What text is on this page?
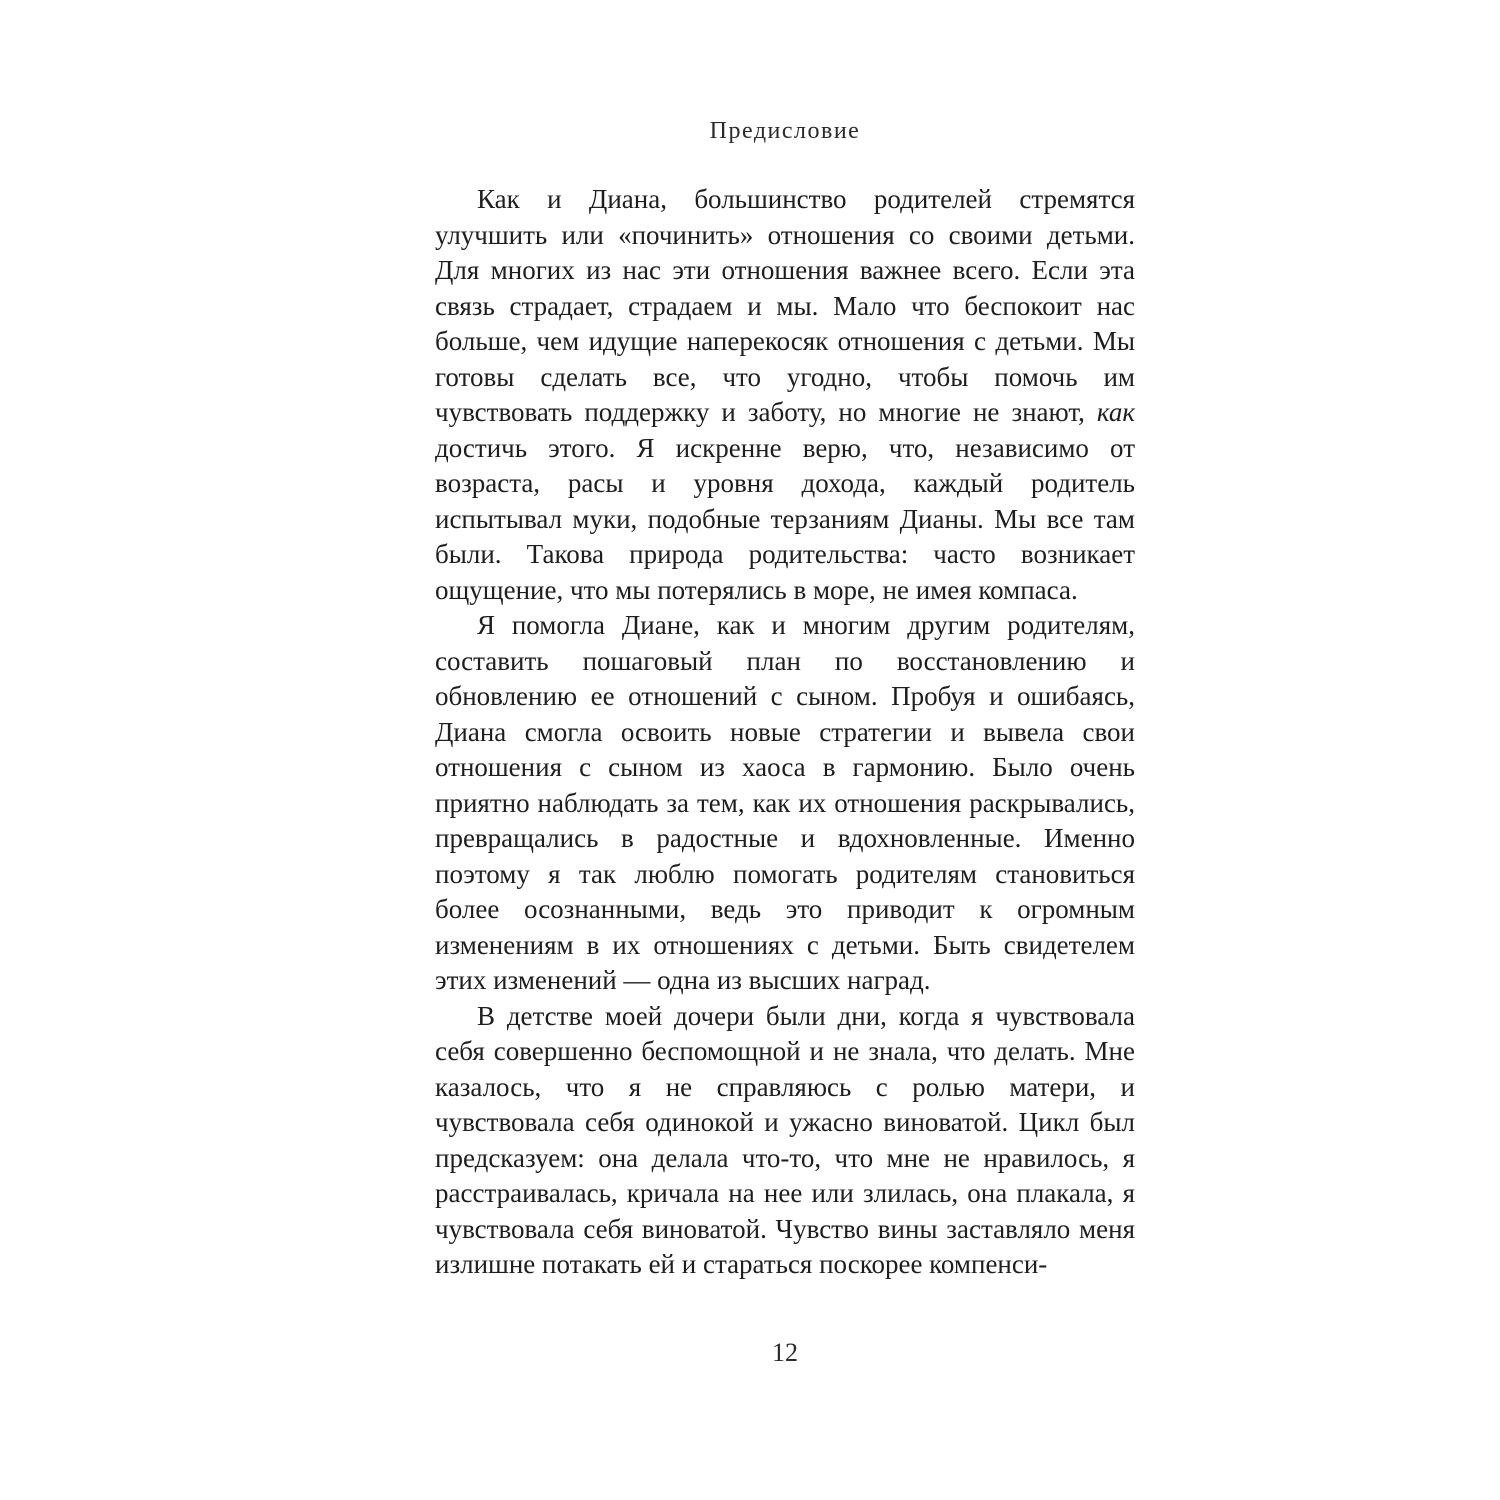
Предисловие

Как и Диана, большинство родителей стремятся улучшить или «починить» отношения со своими детьми. Для многих из нас эти отношения важнее всего. Если эта связь страдает, страдаем и мы. Мало что беспокоит нас больше, чем идущие наперекосяк отношения с детьми. Мы готовы сделать все, что угодно, чтобы помочь им чувствовать поддержку и заботу, но многие не знают, как достичь этого. Я искренне верю, что, независимо от возраста, расы и уровня дохода, каждый родитель испытывал муки, подобные терзаниям Дианы. Мы все там были. Такова природа родительства: часто возникает ощущение, что мы потерялись в море, не имея компаса.

Я помогла Диане, как и многим другим родителям, составить пошаговый план по восстановлению и обновлению ее отношений с сыном. Пробуя и ошибаясь, Диана смогла освоить новые стратегии и вывела свои отношения с сыном из хаоса в гармонию. Было очень приятно наблюдать за тем, как их отношения раскрывались, превращались в радостные и вдохновленные. Именно поэтому я так люблю помогать родителям становиться более осознанными, ведь это приводит к огромным изменениям в их отношениях с детьми. Быть свидетелем этих изменений — одна из высших наград.

В детстве моей дочери были дни, когда я чувствовала себя совершенно беспомощной и не знала, что делать. Мне казалось, что я не справляюсь с ролью матери, и чувствовала себя одинокой и ужасно виноватой. Цикл был предсказуем: она делала что-то, что мне не нравилось, я расстраивалась, кричала на нее или злилась, она плакала, я чувствовала себя виноватой. Чувство вины заставляло меня излишне потакать ей и стараться поскорее компенси-

12
